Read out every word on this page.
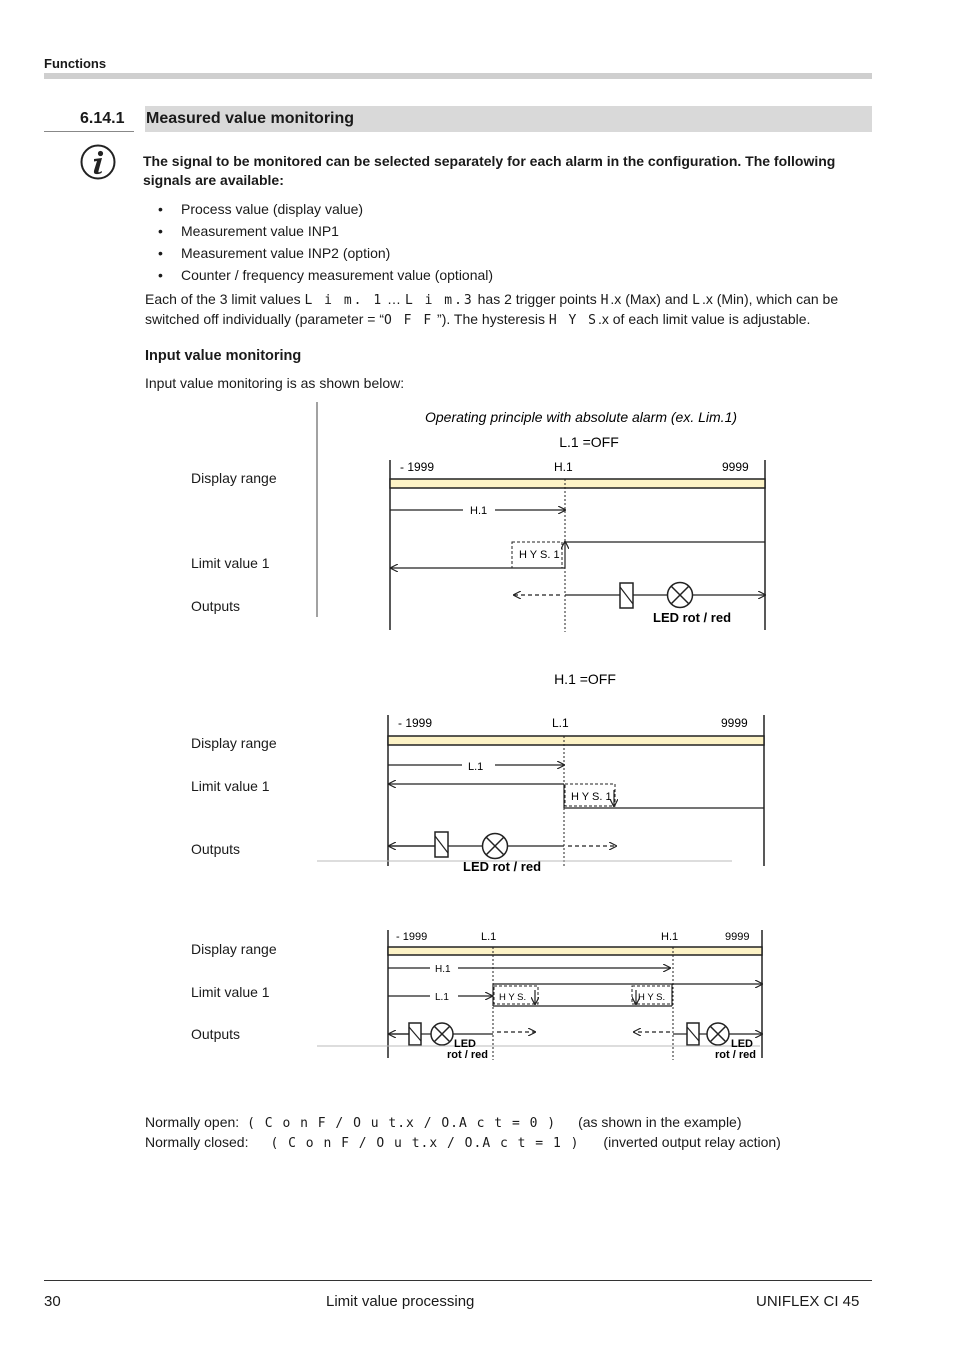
Functions
6.14.1	Measured value monitoring
The signal to be monitored can be selected separately for each alarm in the configuration. The following signals are available:
• Process value (display value)
• Measurement value INP1
• Measurement value INP2 (option)
• Counter / frequency measurement value (optional)
Each of the 3 limit values L i m. 1 … L i m.3 has 2 trigger points H.x (Max) and L.x (Min), which can be switched off individually (parameter = “O F F ”). The hysteresis H Y S.x of each limit value is adjustable.
Input value monitoring
Input value monitoring is as shown below:
Display range
Limit value 1
Outputs
Display range
Limit value 1
Outputs
Display range
Limit value 1
Outputs
Operating principle with absolute alarm (ex. Lim.1)
L.1 =OFF
- 1999	H.1	9999
H.1
H Y S. 1
LED rot / red
H.1 =OFF
- 1999	L.1	9999
L.1
H Y S. 1
LED rot / red
- 1999	L.1	H.1	9999
H.1
L.1	H Y S.	H Y S.
LED
rot / red
LED
rot / red
Normally open: ( C o n F / O u t.x / O.A c t = 0 ) (as shown in the example)
Normally closed: ( C o n F / O u t.x / O.A c t = 1 ) (inverted output relay action)
30	Limit value processing	UNIFLEX CI 45
